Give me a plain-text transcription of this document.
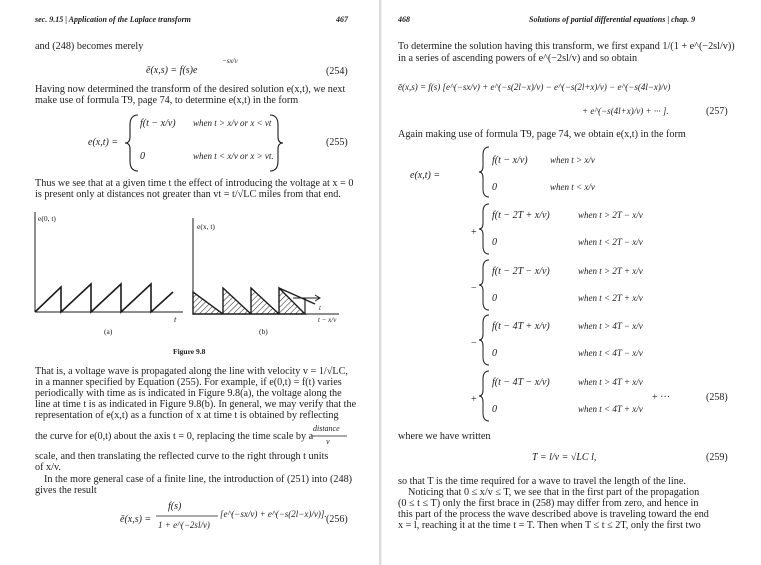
sec. 9.15 | Application of the Laplace transform	467
and (248) becomes merely
ē(x,s) = f(s)e
−sx/v
(254)
Having now determined the transform of the desired solution e(x,t), we next
make use of formula T9, page 74, to determine e(x,t) in the form
e(x,t) =
f(t − x/v) when t > x/v or x < vt
0	when t < x/v or x > vt.
(255)
Thus we see that at a given time t the effect of introducing the voltage at x = 0
is present only at distances not greater than vt = t/√LC miles from that end.
e(0, t)
t
(a)
e(x, t)
t
t − x/v
(b)
Figure 9.8
That is, a voltage wave is propagated along the line with velocity v = 1/√LC,
in a manner specified by Equation (255). For example, if e(0,t) = f(t) varies
periodically with time as is indicated in Figure 9.8(a), the voltage along the
line at time t is as indicated in Figure 9.8(b). In general, we may verify that the
representation of e(x,t) as a function of x at time t is obtained by reflecting
the curve for e(0,t) about the axis t = 0, replacing the time scale by a
distance
v
scale, and then translating the reflected curve to the right through t units
of x/v.
In the more general case of a finite line, the introduction of (251) into (248)
gives the result
ē(x,s) =
f(s)
1 + e^(−2sl/v)
[e^(−sx/v) + e^(−s(2l−x)/v)]. (256)
468	Solutions of partial differential equations | chap. 9
To determine the solution having this transform, we first expand 1/(1 + e^(−2sl/v))
in a series of ascending powers of e^(−2sl/v) and so obtain
ē(x,s) = f(s) [e^(−sx/v) + e^(−s(2l−x)/v) − e^(−s(2l+x)/v) − e^(−s(4l−x)/v)
+ e^(−s(4l+x)/v) + ··· ].	(257)
Again making use of formula T9, page 74, we obtain e(x,t) in the form
e(x,t) =
f(t − x/v) when t > x/v
0	when t < x/v
+
f(t − 2T + x/v)	when t > 2T − x/v
0	when t < 2T − x/v
−
f(t − 2T − x/v)	when t > 2T + x/v
0	when t < 2T + x/v
−
f(t − 4T + x/v)	when t > 4T − x/v
0	when t < 4T − x/v
+
f(t − 4T − x/v)	when t > 4T + x/v
0	when t < 4T + x/v
+ ···	(258)
where we have written
T = l/v = √LC l,	(259)
so that T is the time required for a wave to travel the length of the line.
Noticing that 0 ≤ x/v ≤ T, we see that in the first part of the propagation
(0 ≤ t ≤ T) only the first brace in (258) may differ from zero, and hence in
this part of the process the wave described above is traveling toward the end
x = l, reaching it at the time t = T. Then when T ≤ t ≤ 2T, only the first two
